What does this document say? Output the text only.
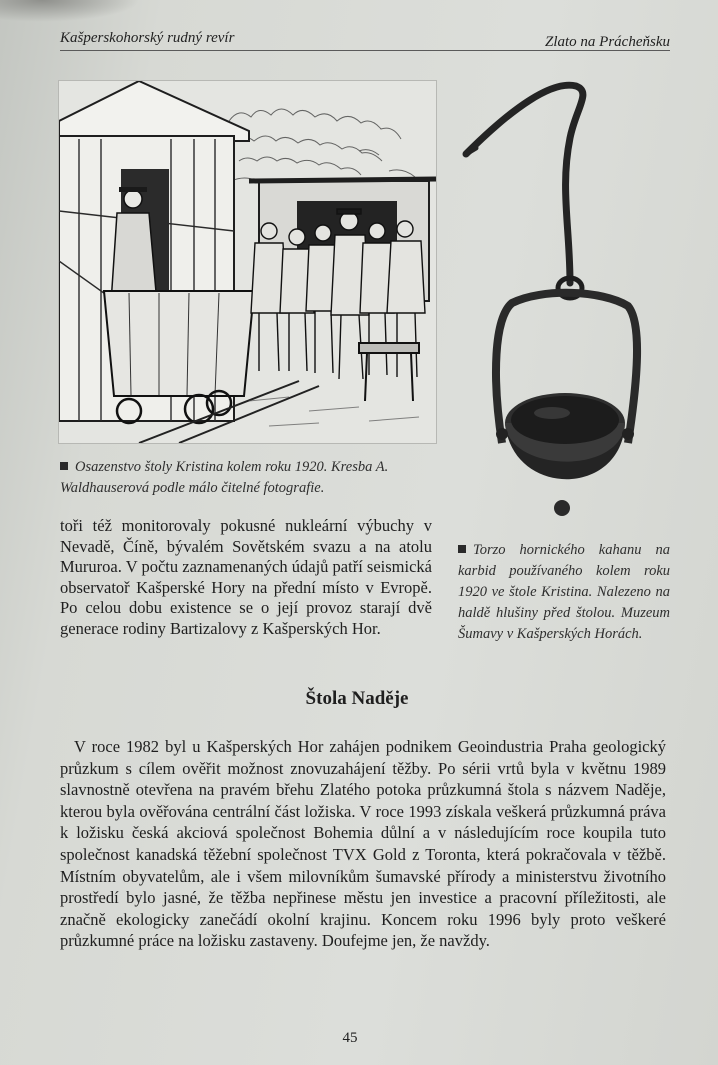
Kašperskohorský rudný revír	Zlato na Prácheňsku

Osazenstvo štoly Kristina kolem roku 1920. Kresba A. Waldhauserová podle málo čitelné fotografie.

Torzo hornického kahanu na karbid používaného kolem roku 1920 ve štole Kristina. Nalezeno na haldě hlušiny před štolou. Muzeum Šumavy v Kašperských Horách.

toři též monitorovaly pokusné nukleární výbuchy v Nevadě, Číně, bývalém Sovětském svazu a na atolu Mururoa. V počtu zaznamenaných údajů patří seismická observatoř Kašperské Hory na přední místo v Evropě. Po celou dobu existence se o její provoz starají dvě generace rodiny Bartizalovy z Kašperských Hor.

Štola Naděje

V roce 1982 byl u Kašperských Hor zahájen podnikem Geoindustria Praha geologický průzkum s cílem ověřit možnost znovuzahájení těžby. Po sérii vrtů byla v květnu 1989 slavnostně otevřena na pravém břehu Zlatého potoka průzkumná štola s názvem Naděje, kterou byla ověřována centrální část ložiska. V roce 1993 získala veškerá průzkumná práva k ložisku česká akciová společnost Bohemia důlní a v následujícím roce koupila tuto společnost kanadská těžební společnost TVX Gold z Toronta, která pokračovala v těžbě. Místním obyvatelům, ale i všem milovníkům šumavské přírody a ministerstvu životního prostředí bylo jasné, že těžba nepřinese městu jen investice a pracovní příležitosti, ale značně ekologicky zanečádí okolní krajinu. Koncem roku 1996 byly proto veškeré průzkumné práce na ložisku zastaveny. Doufejme jen, že navždy.

45
